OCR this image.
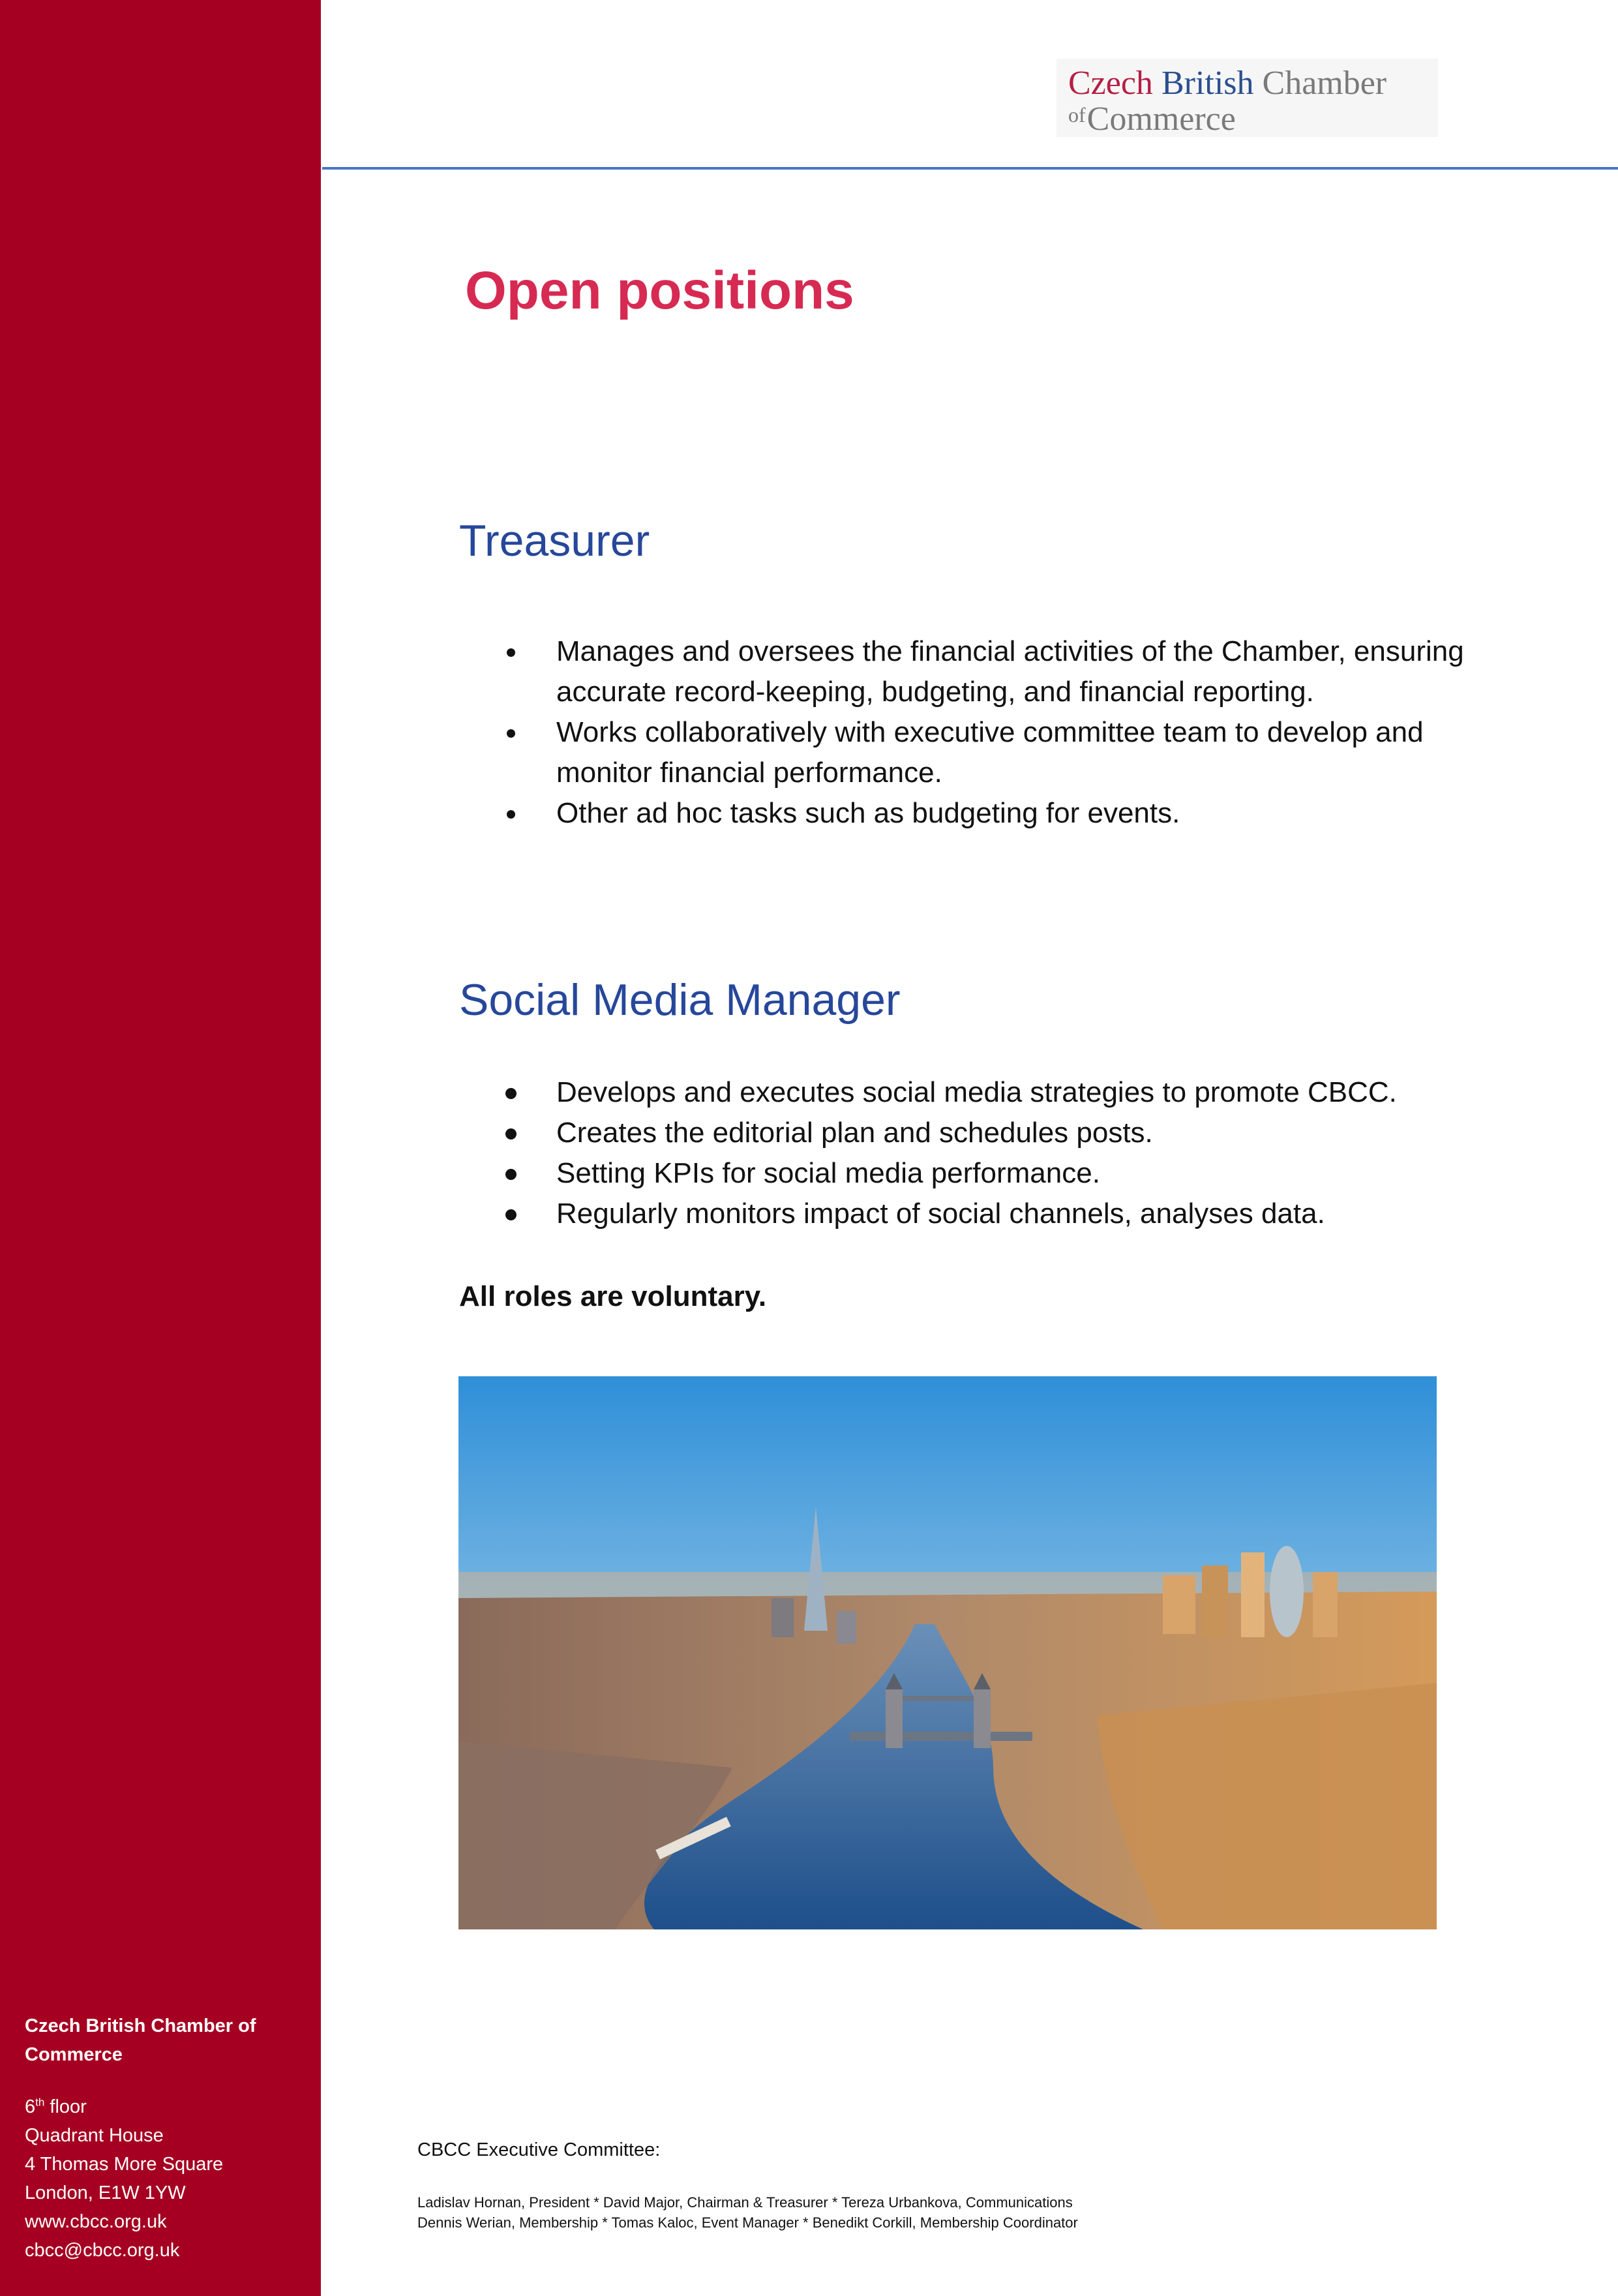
Czech British Chamber of
Commerce
6th floor
Quadrant House
4 Thomas More Square
London, E1W 1YW
www.cbcc.org.uk
cbcc@cbcc.org.uk
Czech British Chamber
$^{of}$Commerce
Open positions
Treasurer
Manages and oversees the financial activities of the Chamber, ensuring accurate record-keeping, budgeting, and financial reporting.
Works collaboratively with executive committee team to develop and monitor financial performance.
Other ad hoc tasks such as budgeting for events.
Social Media Manager
Develops and executes social media strategies to promote CBCC.
Creates the editorial plan and schedules posts.
Setting KPIs for social media performance.
Regularly monitors impact of social channels, analyses data.
All roles are voluntary.
CBCC Executive Committee:
Ladislav Hornan, President * David Major, Chairman & Treasurer * Tereza Urbankova, Communications
Dennis Werian, Membership * Tomas Kaloc, Event Manager * Benedikt Corkill, Membership Coordinator
